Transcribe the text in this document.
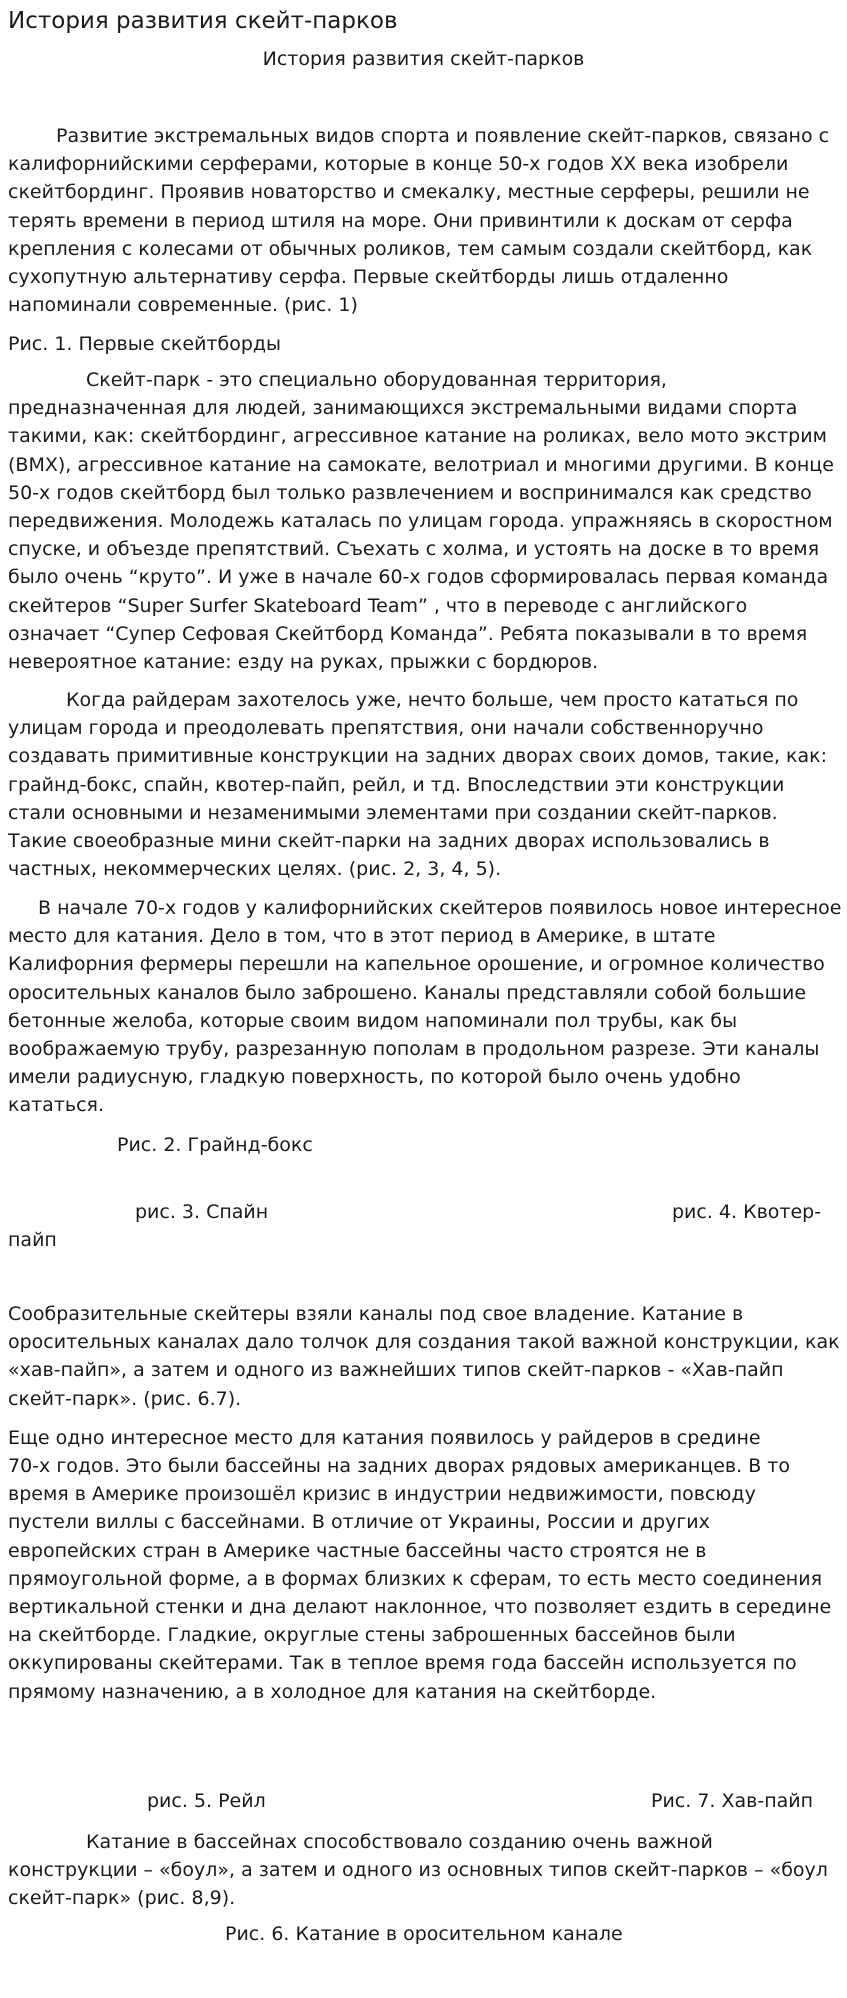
История развития скейт-парков
История развития скейт-парков

Развитие экстремальных видов спорта и появление скейт-парков, связано с калифорнийскими серферами, которые в конце 50-х годов XX века изобрели скейтбординг. Проявив новаторство и смекалку, местные серферы, решили не терять времени в период штиля на море. Они привинтили к доскам от серфа крепления с колесами от обычных роликов, тем самым создали скейтборд, как сухопутную альтернативу серфа. Первые скейтборды лишь отдаленно напоминали современные. (рис. 1)

Рис. 1. Первые скейтборды

Скейт-парк - это специально оборудованная территория, предназначенная для людей, занимающихся экстремальными видами спорта такими, как: скейтбординг, агрессивное катание на роликах, вело мото экстрим (BMX), агрессивное катание на самокате, велотриал и многими другими. В конце 50-х годов скейтборд был только развлечением и воспринимался как средство передвижения. Молодежь каталась по улицам города. упражняясь в скоростном спуске, и объезде препятствий. Съехать с холма, и устоять на доске в то время было очень “круто”. И уже в начале 60-х годов сформировалась первая команда скейтеров “Super Surfer Skateboard Team” , что в переводе с английского означает “Супер Сефовая Скейтборд Команда”. Ребята показывали в то время невероятное катание: езду на руках, прыжки с бордюров.

Когда райдерам захотелось уже, нечто больше, чем просто кататься по улицам города и преодолевать препятствия, они начали собственноручно создавать примитивные конструкции на задних дворах своих домов, такие, как: грайнд-бокс, спайн, квотер-пайп, рейл, и тд. Впоследствии эти конструкции стали основными и незаменимыми элементами при создании скейт-парков. Такие своеобразные мини скейт-парки на задних дворах использовались в частных, некоммерческих целях. (рис. 2, 3, 4, 5).

В начале 70-х годов у калифорнийских скейтеров появилось новое интересное место для катания. Дело в том, что в этот период в Америке, в штате Калифорния фермеры перешли на капельное орошение, и огромное количество оросительных каналов было заброшено. Каналы представляли собой большие бетонные желоба, которые своим видом напоминали пол трубы, как бы воображаемую трубу, разрезанную пополам в продольном разрезе. Эти каналы имели радиусную, гладкую поверхность, по которой было очень удобно кататься.

Рис. 2. Грайнд-бокс
рис. 3. Спайн	рис. 4. Квотер-
пайп

Сообразительные скейтеры взяли каналы под свое владение. Катание в оросительных каналах дало толчок для создания такой важной конструкции, как «хав-пайп», а затем и одного из важнейших типов скейт-парков - «Хав-пайп скейт-парк». (рис. 6.7).

Еще одно интересное место для катания появилось у райдеров в средине

70-х годов. Это были бассейны на задних дворах рядовых американцев. В то время в Америке произошёл кризис в индустрии недвижимости, повсюду пустели виллы с бассейнами. В отличие от Украины, России и других европейских стран в Америке частные бассейны часто строятся не в прямоугольной форме, а в формах близких к сферам, то есть место соединения вертикальной стенки и дна делают наклонное, что позволяет ездить в середине на скейтборде. Гладкие, округлые стены заброшенных бассейнов были оккупированы скейтерами. Так в теплое время года бассейн используется по прямому назначению, а в холодное для катания на скейтборде.

рис. 5. Рейл	Рис. 7. Хав-пайп

Катание в бассейнах способствовало созданию очень важной конструкции – «боул», а затем и одного из основных типов скейт-парков – «боул скейт-парк» (рис. 8,9).

Рис. 6. Катание в оросительном канале
